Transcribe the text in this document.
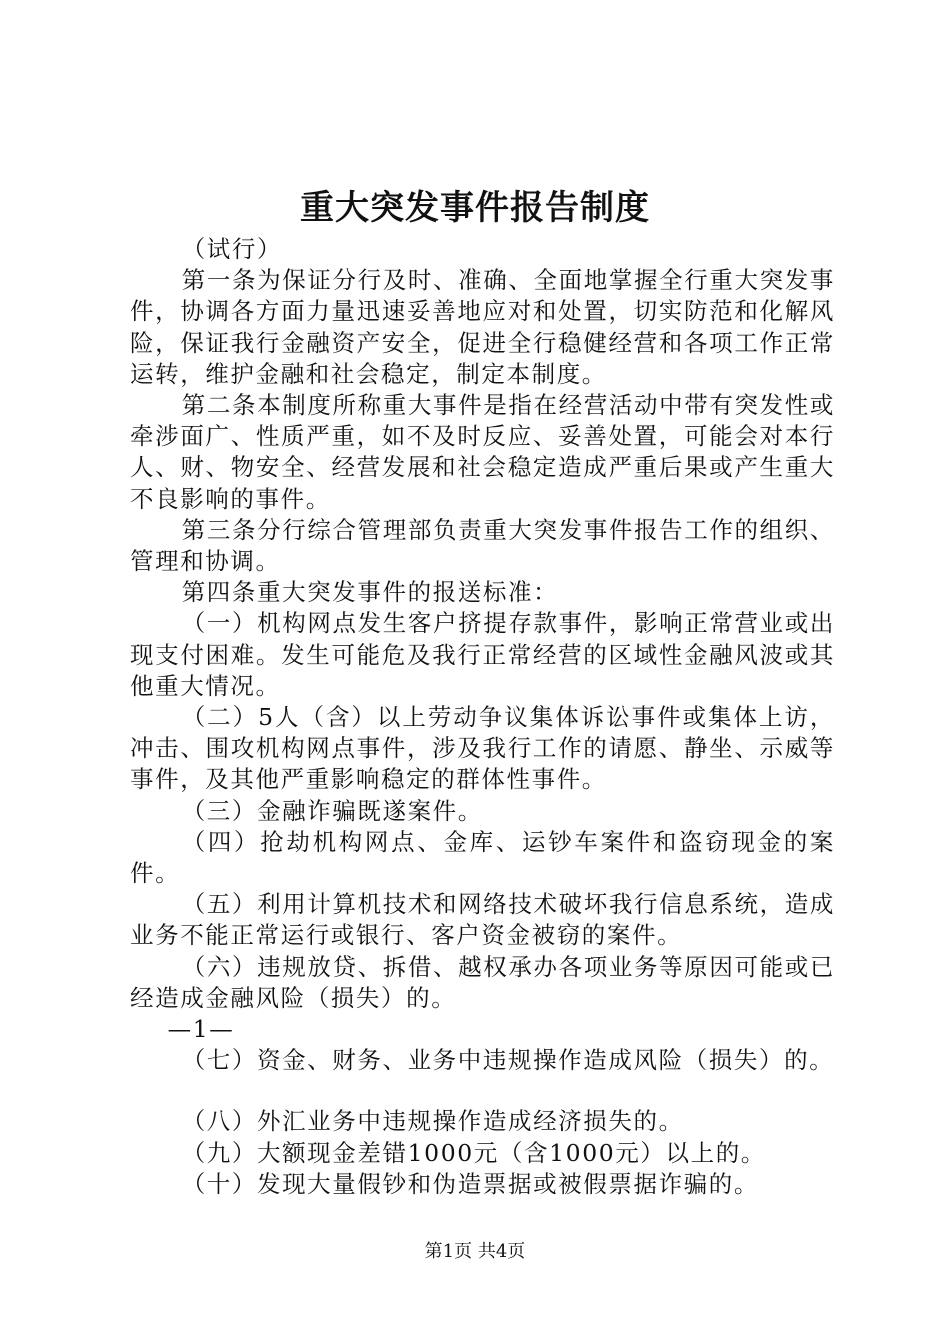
重大突发事件报告制度

（试行）

第一条为保证分行及时、准确、全面地掌握全行重大突发事件，协调各方面力量迅速妥善地应对和处置，切实防范和化解风险，保证我行金融资产安全，促进全行稳健经营和各项工作正常运转，维护金融和社会稳定，制定本制度。

第二条本制度所称重大事件是指在经营活动中带有突发性或牵涉面广、性质严重，如不及时反应、妥善处置，可能会对本行人、财、物安全、经营发展和社会稳定造成严重后果或产生重大不良影响的事件。

第三条分行综合管理部负责重大突发事件报告工作的组织、管理和协调。

第四条重大突发事件的报送标准：

（一）机构网点发生客户挤提存款事件，影响正常营业或出现支付困难。发生可能危及我行正常经营的区域性金融风波或其他重大情况。

（二）5人（含）以上劳动争议集体诉讼事件或集体上访，冲击、围攻机构网点事件，涉及我行工作的请愿、静坐、示威等事件，及其他严重影响稳定的群体性事件。

（三）金融诈骗既遂案件。

（四）抢劫机构网点、金库、运钞车案件和盗窃现金的案件。

（五）利用计算机技术和网络技术破坏我行信息系统，造成业务不能正常运行或银行、客户资金被窃的案件。

（六）违规放贷、拆借、越权承办各项业务等原因可能或已经造成金融风险（损失）的。

—1—

（七）资金、财务、业务中违规操作造成风险（损失）的。

（八）外汇业务中违规操作造成经济损失的。

（九）大额现金差错1000元（含1000元）以上的。

（十）发现大量假钞和伪造票据或被假票据诈骗的。

第1页 共4页
